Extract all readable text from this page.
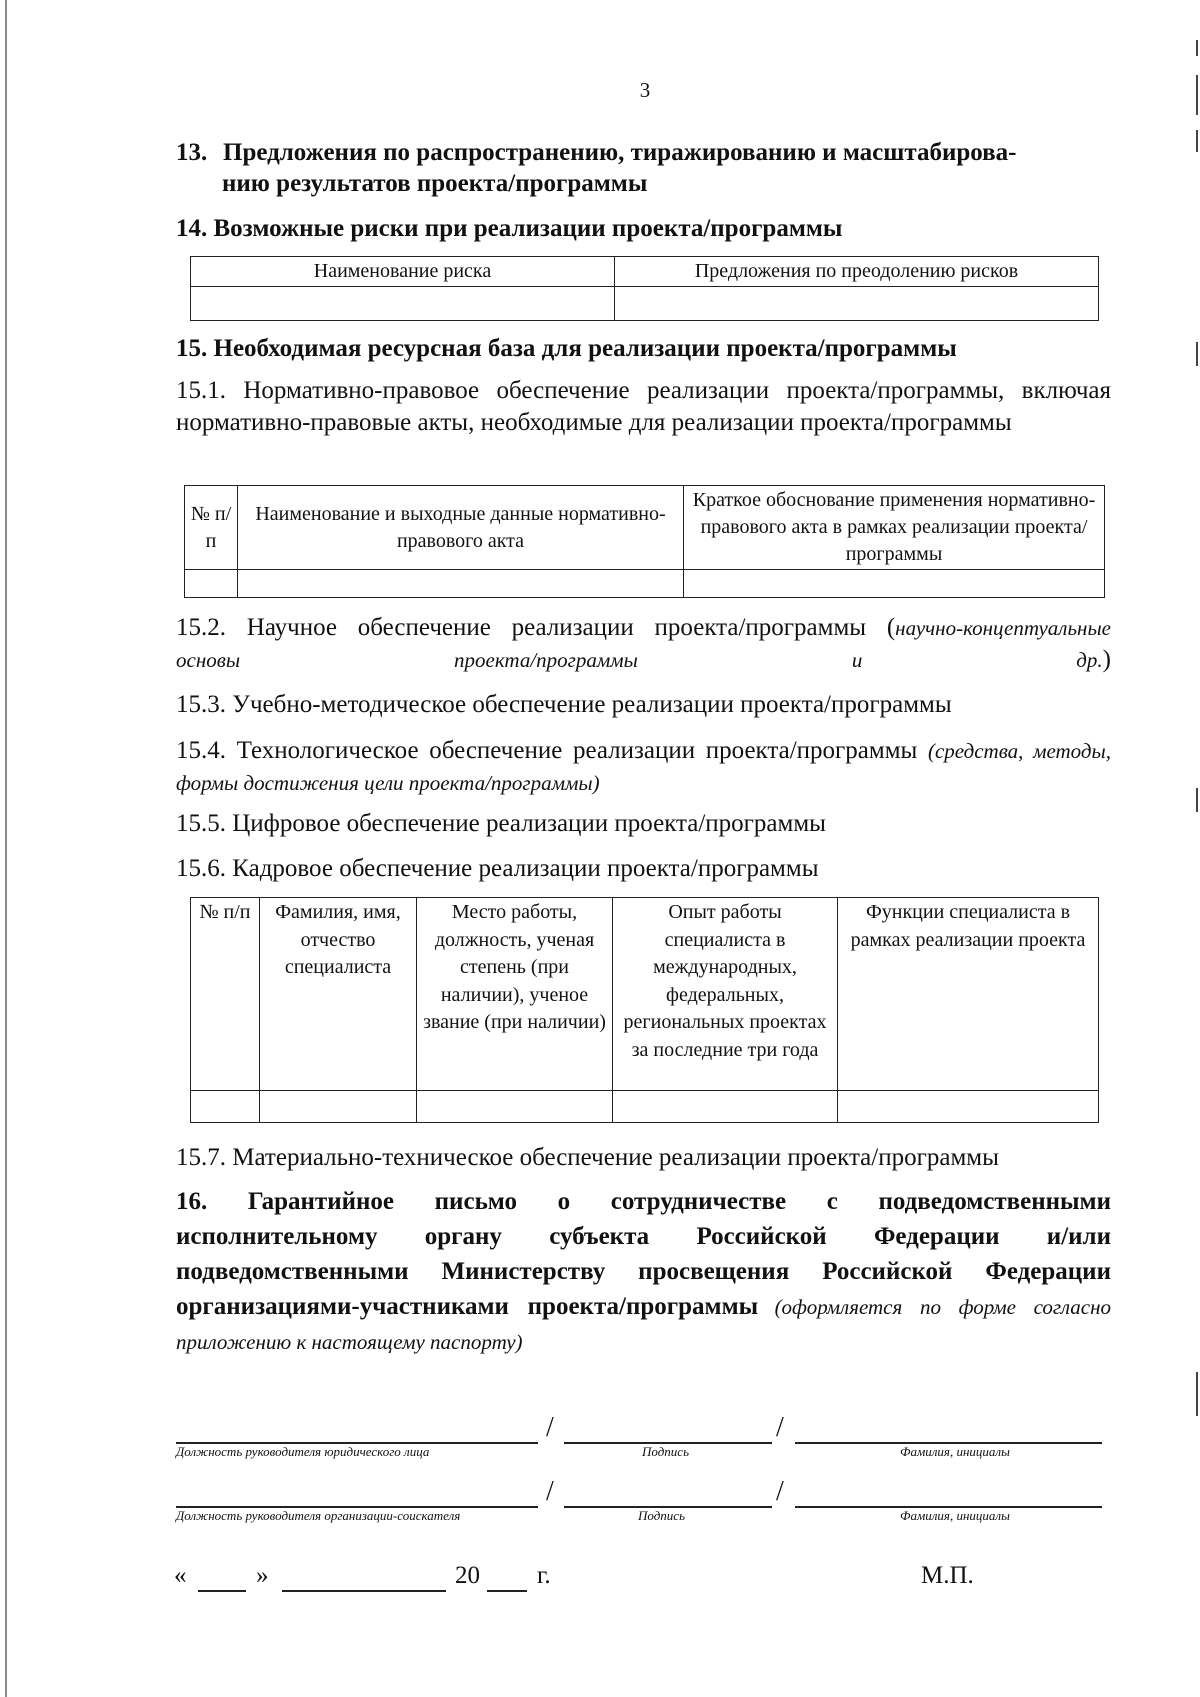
3
13. Предложения по распространению, тиражированию и масштабирова-
нию результатов проекта/программы
14. Возможные риски при реализации проекта/программы
Наименование риска	Предложения по преодолению рисков

15. Необходимая ресурсная база для реализации проекта/программы
15.1. Нормативно-правовое обеспечение реализации проекта/программы, включая нормативно-правовые акты, необходимые для реализации проекта/программы
№ п/п	Наименование и выходные данные нормативно-правового акта	Краткое обоснование применения нормативно-правового акта в рамках реализации проекта/программы

15.2. Научное обеспечение реализации проекта/программы (научно-концептуальные основы проекта/программы и др.)
15.3. Учебно-методическое обеспечение реализации проекта/программы
15.4. Технологическое обеспечение реализации проекта/программы (средства, методы, формы достижения цели проекта/программы)
15.5. Цифровое обеспечение реализации проекта/программы
15.6. Кадровое обеспечение реализации проекта/программы
№ п/п	Фамилия, имя, отчество специалиста	Место работы, должность, ученая степень (при наличии), ученое звание (при наличии)	Опыт работы специалиста в международных, федеральных, региональных проектах за последние три года	Функции специалиста в рамках реализации проекта

15.7. Материально-техническое обеспечение реализации проекта/программы
16. Гарантийное письмо о сотрудничестве с подведомственными исполнительному органу субъекта Российской Федерации и/или подведомственными Министерству просвещения Российской Федерации организациями-участниками проекта/программы (оформляется по форме согласно приложению к настоящему паспорту)
/	/
Должность руководителя юридического лица	Подпись	Фамилия, инициалы
/	/
Должность руководителя организации-соискателя	Подпись	Фамилия, инициалы
«	»	20 г.	М.П.
